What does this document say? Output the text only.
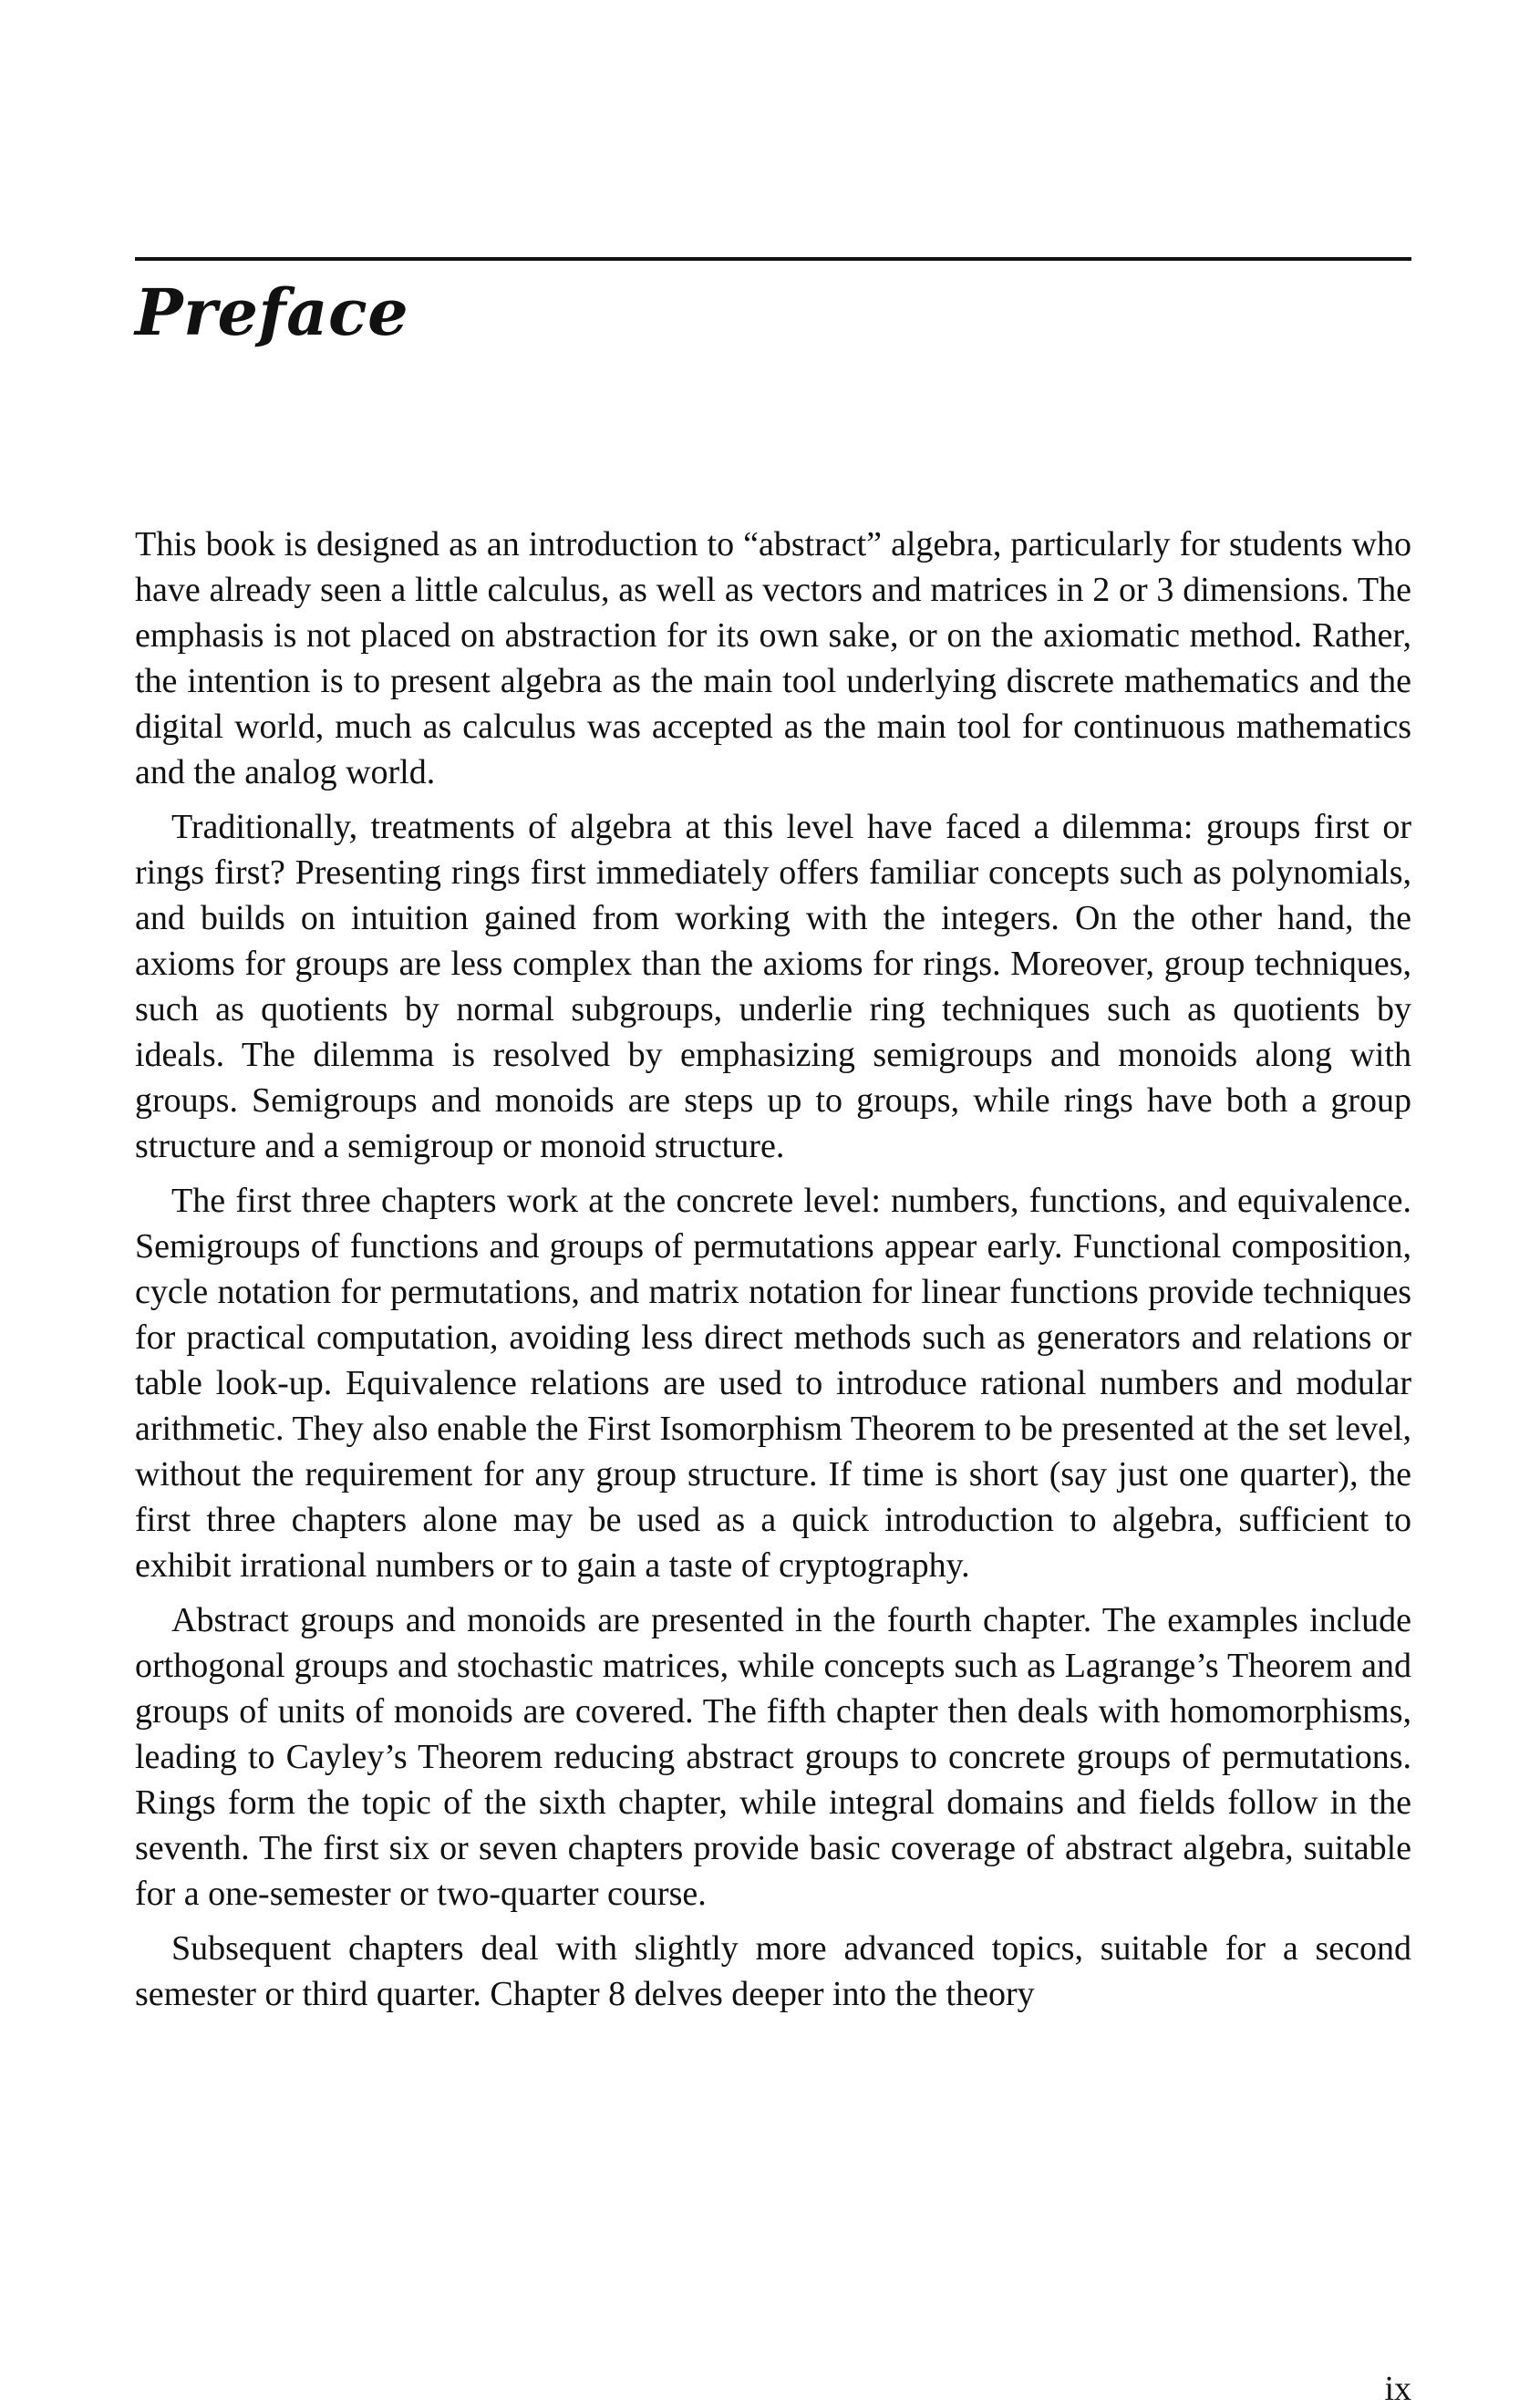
Preface

This book is designed as an introduction to “abstract” algebra, particularly for students who have already seen a little calculus, as well as vectors and matrices in 2 or 3 dimensions. The emphasis is not placed on abstraction for its own sake, or on the axiomatic method. Rather, the intention is to present algebra as the main tool underlying discrete mathematics and the digital world, much as calculus was accepted as the main tool for continuous mathematics and the analog world.

Traditionally, treatments of algebra at this level have faced a dilemma: groups first or rings first? Presenting rings first immediately offers familiar concepts such as polynomials, and builds on intuition gained from working with the integers. On the other hand, the axioms for groups are less complex than the axioms for rings. Moreover, group techniques, such as quotients by normal subgroups, underlie ring techniques such as quotients by ideals. The dilemma is resolved by emphasizing semigroups and monoids along with groups. Semigroups and monoids are steps up to groups, while rings have both a group structure and a semigroup or monoid structure.

The first three chapters work at the concrete level: numbers, functions, and equivalence. Semigroups of functions and groups of permutations appear early. Functional composition, cycle notation for permutations, and matrix notation for linear functions provide techniques for practical computation, avoiding less direct methods such as generators and relations or table look-up. Equivalence relations are used to introduce rational numbers and modular arithmetic. They also enable the First Isomorphism Theorem to be presented at the set level, without the requirement for any group structure. If time is short (say just one quarter), the first three chapters alone may be used as a quick introduction to algebra, sufficient to exhibit irrational numbers or to gain a taste of cryptography.

Abstract groups and monoids are presented in the fourth chapter. The examples include orthogonal groups and stochastic matrices, while concepts such as Lagrange’s Theorem and groups of units of monoids are covered. The fifth chapter then deals with homomorphisms, leading to Cayley’s Theorem reducing abstract groups to concrete groups of permutations. Rings form the topic of the sixth chapter, while integral domains and fields follow in the seventh. The first six or seven chapters provide basic coverage of abstract algebra, suitable for a one-semester or two-quarter course.

Subsequent chapters deal with slightly more advanced topics, suitable for a second semester or third quarter. Chapter 8 delves deeper into the theory

ix
